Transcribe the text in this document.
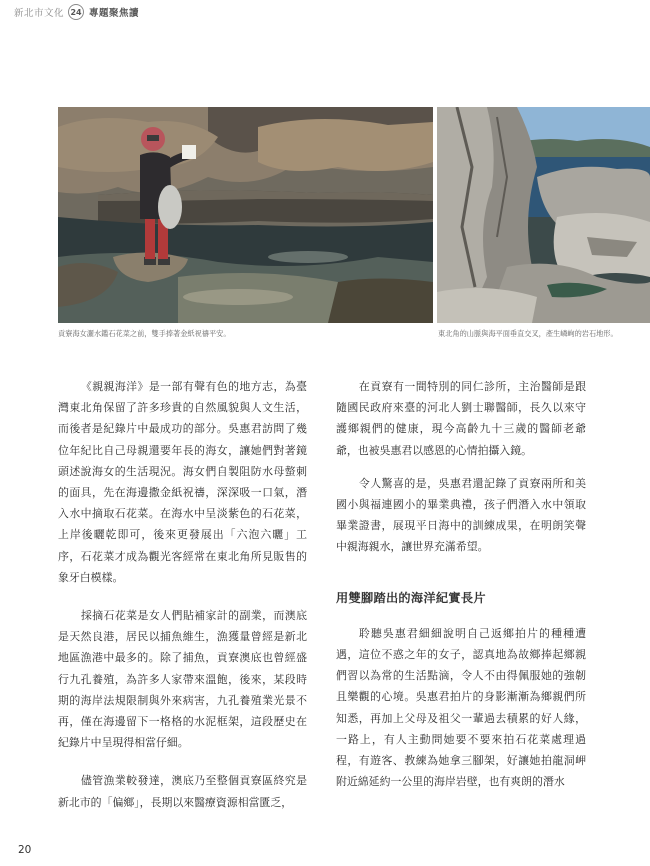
新北市文化 24 專題聚焦讀
貢寮海女灑水鑑石花菜之前，雙手捧著金紙祝禱平安。	東北角的山脈與海平面垂直交叉，產生嶙峋的岩石地形。

《親親海洋》是一部有聲有色的地方志，為臺灣東北角保留了許多珍貴的自然風貌與人文生活，而後者是紀錄片中最成功的部分。吳惠君訪問了幾位年紀比自己母親還要年長的海女，讓她們對著鏡頭述說海女的生活現況。海女們自製阻防水母螫刺的面具，先在海邊撒金紙祝禱，深深吸一口氣，潛入水中摘取石花菜。在海水中呈淡紫色的石花菜，上岸後曬乾即可，後來更發展出「六泡六曬」工序，石花菜才成為觀光客經常在東北角所見販售的象牙白模樣。

採摘石花菜是女人們貼補家計的副業，而澳底是天然良港，居民以捕魚維生，漁獲量曾經是新北地區漁港中最多的。除了捕魚，貢寮澳底也曾經盛行九孔養殖，為許多人家帶來溫飽，後來，某段時期的海岸法規限制與外來病害，九孔養殖業光景不再，僅在海邊留下一格格的水泥框架，這段歷史在紀錄片中呈現得相當仔細。

儘管漁業較發達，澳底乃至整個貢寮區終究是新北市的「偏鄉」，長期以來醫療資源相當匱乏，

在貢寮有一間特別的同仁診所，主治醫師是跟隨國民政府來臺的河北人劉士聯醫師，長久以來守護鄉親們的健康，現今高齡九十三歲的醫師老爺爺，也被吳惠君以感恩的心情拍攝入鏡。

令人驚喜的是，吳惠君還記錄了貢寮兩所和美國小與福連國小的畢業典禮，孩子們潛入水中領取畢業證書，展現平日海中的訓練成果，在明朗笑聲中親海親水，讓世界充滿希望。

用雙腳踏出的海洋紀實長片

聆聽吳惠君細細說明自己返鄉拍片的種種遭遇，這位不惑之年的女子，認真地為故鄉捧起鄉親們習以為常的生活點滴，令人不由得佩服她的強韌且樂觀的心境。吳惠君拍片的身影漸漸為鄉親們所知悉，再加上父母及祖父一輩過去積累的好人緣，一路上，有人主動問她要不要來拍石花菜處理過程，有遊客、教練為她拿三腳架，好讓她拍龍洞岬附近綿延約一公里的海岸岩壁，也有爽朗的潛水

20
